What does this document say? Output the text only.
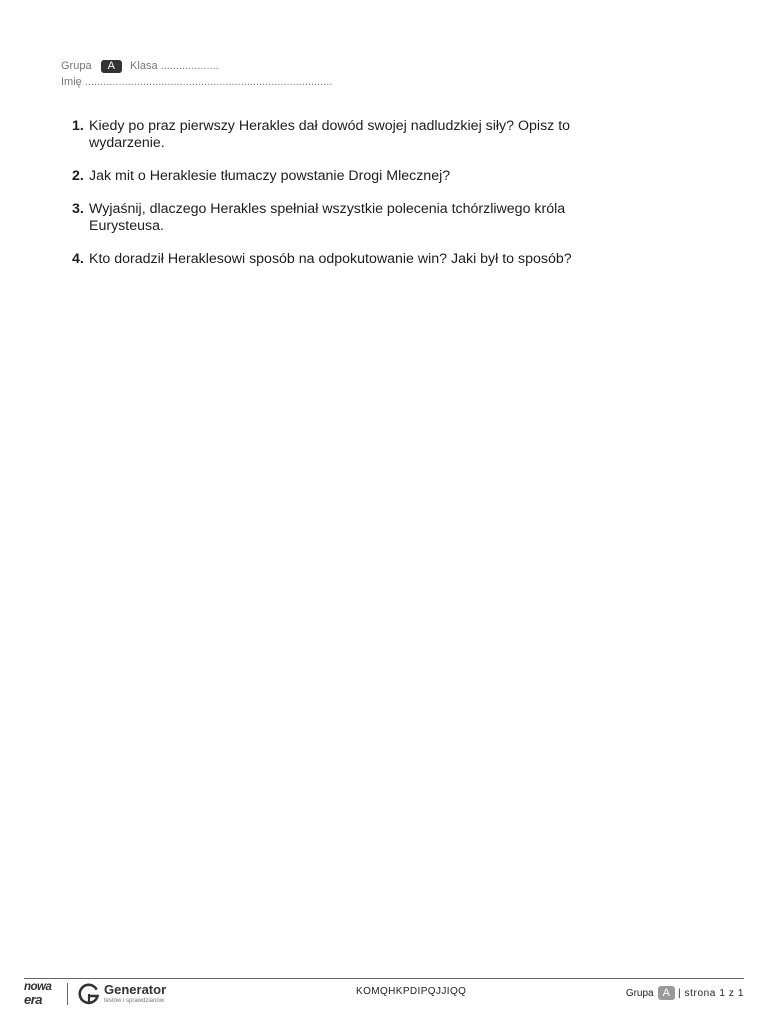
Grupa A Klasa ...................
Imię .................................................................................
1. Kiedy po praz pierwszy Herakles dał dowód swojej nadludzkiej siły? Opisz to wydarzenie.
2. Jak mit o Heraklesie tłumaczy powstanie Drogi Mlecznej?
3. Wyjaśnij, dlaczego Herakles spełniał wszystkie polecenia tchórzliwego króla Eurysteusa.
4. Kto doradził Heraklesowi sposób na odpokutowanie win? Jaki był to sposób?
nowa
era
Generator
testów i sprawdzianów
KOMQHKPDIPQJJIQQ	Grupa A | strona 1 z 1
